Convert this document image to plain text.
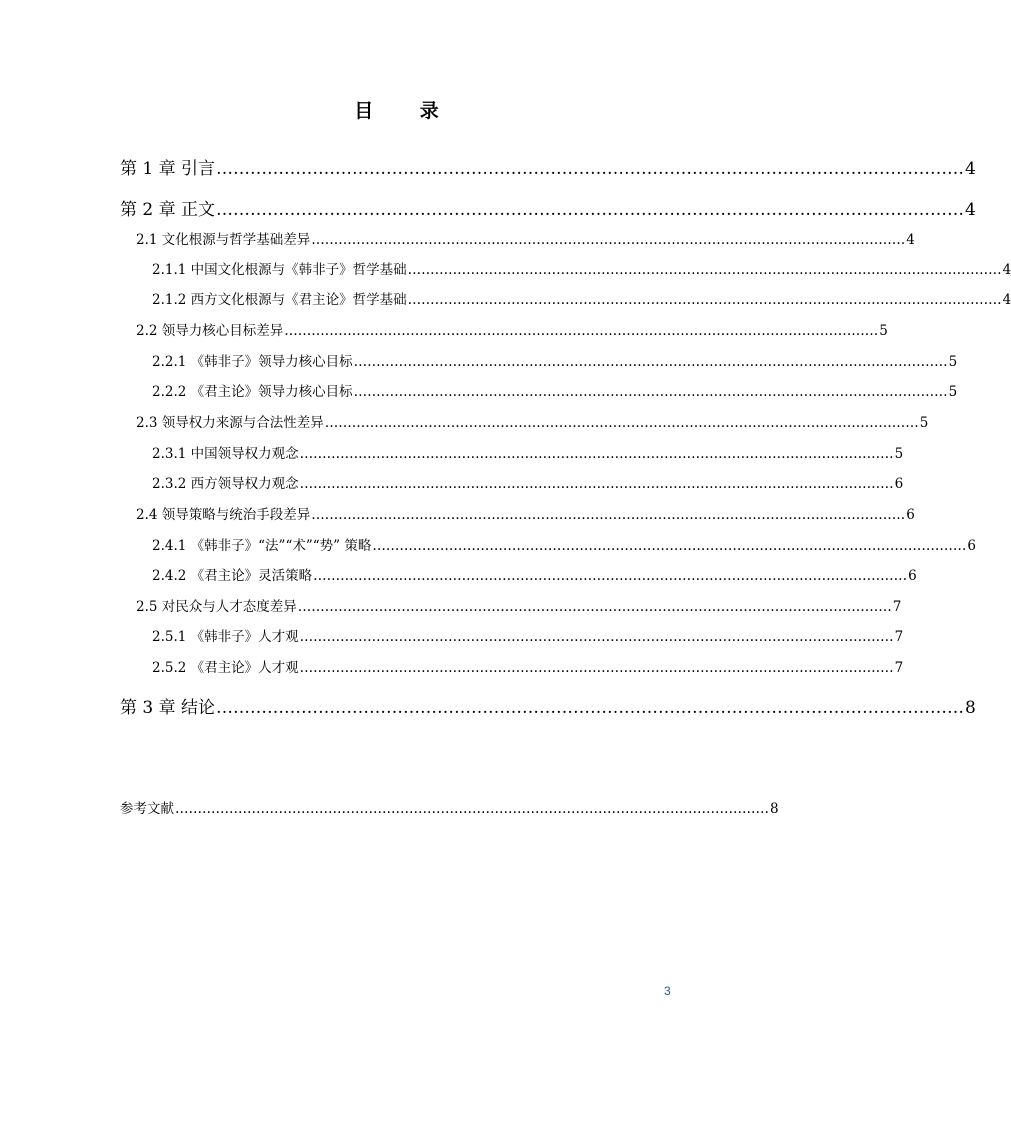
目 录
第 1 章 引言 …………………………………………………………………………………………………………………… 4
第 2 章 正文 …………………………………………………………………………………………………………………… 4
2.1 文化根源与哲学基础差异 …………………………………………………………………………………………………………………… 4
2.1.1 中国文化根源与《韩非子》哲学基础 …………………………………………………………………………………………………………………… 4
2.1.2 西方文化根源与《君主论》哲学基础 …………………………………………………………………………………………………………………… 4
2.2 领导力核心目标差异 …………………………………………………………………………………………………………………… 5
2.2.1 《韩非子》领导力核心目标 …………………………………………………………………………………………………………………… 5
2.2.2 《君主论》领导力核心目标 …………………………………………………………………………………………………………………… 5
2.3 领导权力来源与合法性差异 …………………………………………………………………………………………………………………… 5
2.3.1 中国领导权力观念 …………………………………………………………………………………………………………………… 5
2.3.2 西方领导权力观念 …………………………………………………………………………………………………………………… 6
2.4 领导策略与统治手段差异 …………………………………………………………………………………………………………………… 6
2.4.1 《韩非子》“法”“术”“势” 策略 …………………………………………………………………………………………………………………… 6
2.4.2 《君主论》灵活策略 …………………………………………………………………………………………………………………… 6
2.5 对民众与人才态度差异 …………………………………………………………………………………………………………………… 7
2.5.1 《韩非子》人才观 …………………………………………………………………………………………………………………… 7
2.5.2 《君主论》人才观 …………………………………………………………………………………………………………………… 7
第 3 章 结论 …………………………………………………………………………………………………………………… 8
参考文献 …………………………………………………………………………………………………………………… 8
3
